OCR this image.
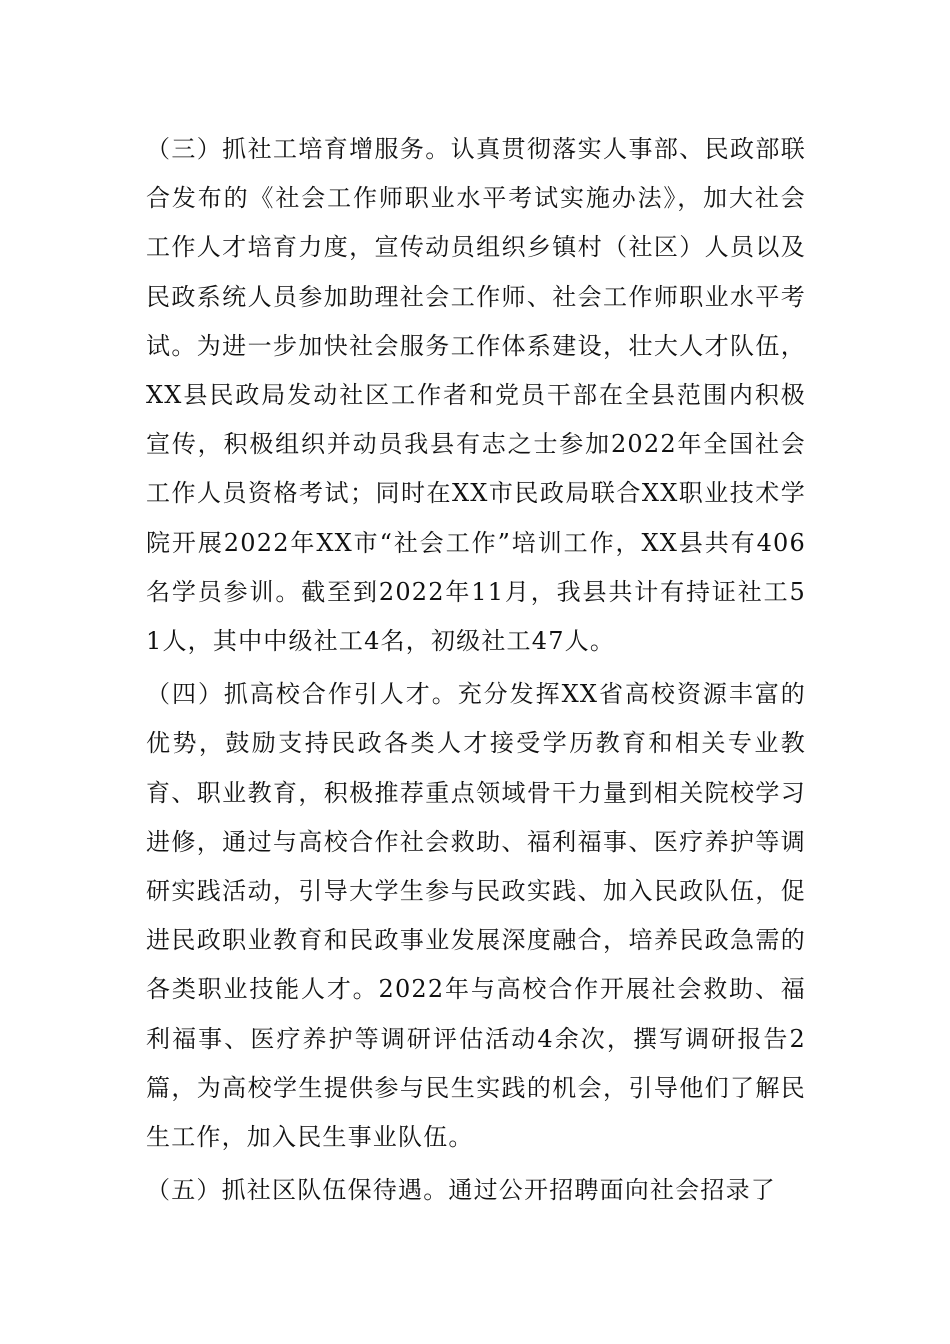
（三）抓社工培育增服务。认真贯彻落实人事部、民政部联合发布的《社会工作师职业水平考试实施办法》，加大社会工作人才培育力度，宣传动员组织乡镇村（社区）人员以及民政系统人员参加助理社会工作师、社会工作师职业水平考试。为进一步加快社会服务工作体系建设，壮大人才队伍，XX县民政局发动社区工作者和党员干部在全县范围内积极宣传，积极组织并动员我县有志之士参加2022年全国社会工作人员资格考试；同时在XX市民政局联合XX职业技术学院开展2022年XX市“社会工作”培训工作，XX县共有406名学员参训。截至到2022年11月，我县共计有持证社工51人，其中中级社工4名，初级社工47人。

（四）抓高校合作引人才。充分发挥XX省高校资源丰富的优势，鼓励支持民政各类人才接受学历教育和相关专业教育、职业教育，积极推荐重点领域骨干力量到相关院校学习进修，通过与高校合作社会救助、福利福事、医疗养护等调研实践活动，引导大学生参与民政实践、加入民政队伍，促进民政职业教育和民政事业发展深度融合，培养民政急需的各类职业技能人才。2022年与高校合作开展社会救助、福利福事、医疗养护等调研评估活动4余次，撰写调研报告2篇，为高校学生提供参与民生实践的机会，引导他们了解民生工作，加入民生事业队伍。

（五）抓社区队伍保待遇。通过公开招聘面向社会招录了
